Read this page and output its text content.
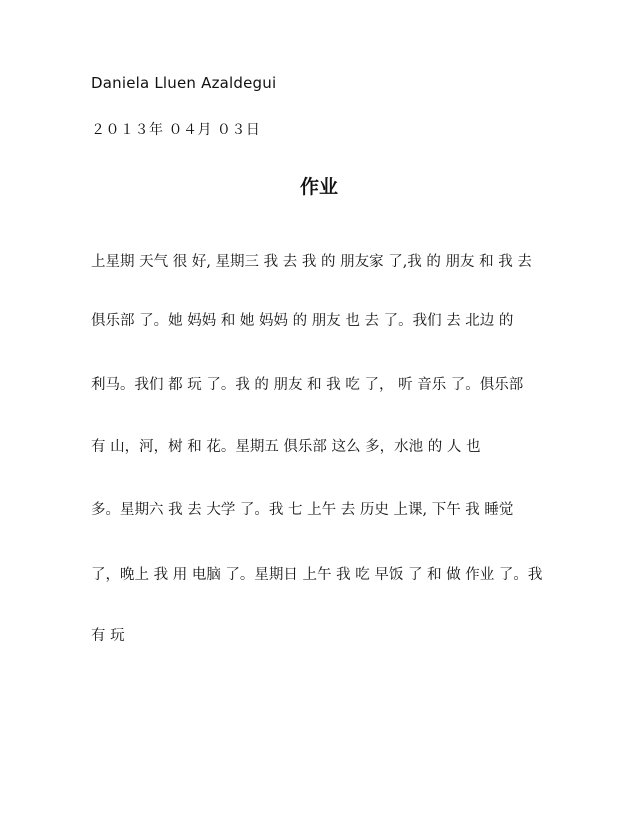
Daniela Lluen Azaldegui
２０１３年 ０４月 ０３日
作业
上星期 天气 很 好, 星期三 我 去 我 的 朋友家 了,我 的 朋友 和 我 去
俱乐部 了。她 妈妈 和 她 妈妈 的 朋友 也 去 了。我们 去 北边 的
利马。我们 都 玩 了。我 的 朋友 和 我 吃 了， 听 音乐 了。俱乐部
有 山，河，树 和 花。星期五 俱乐部 这么 多，水池 的 人 也
多。星期六 我 去 大学 了。我 七 上午 去 历史 上课, 下午 我 睡觉
了，晚上 我 用 电脑 了。星期日 上午 我 吃 早饭 了 和 做 作业 了。我
有 玩
